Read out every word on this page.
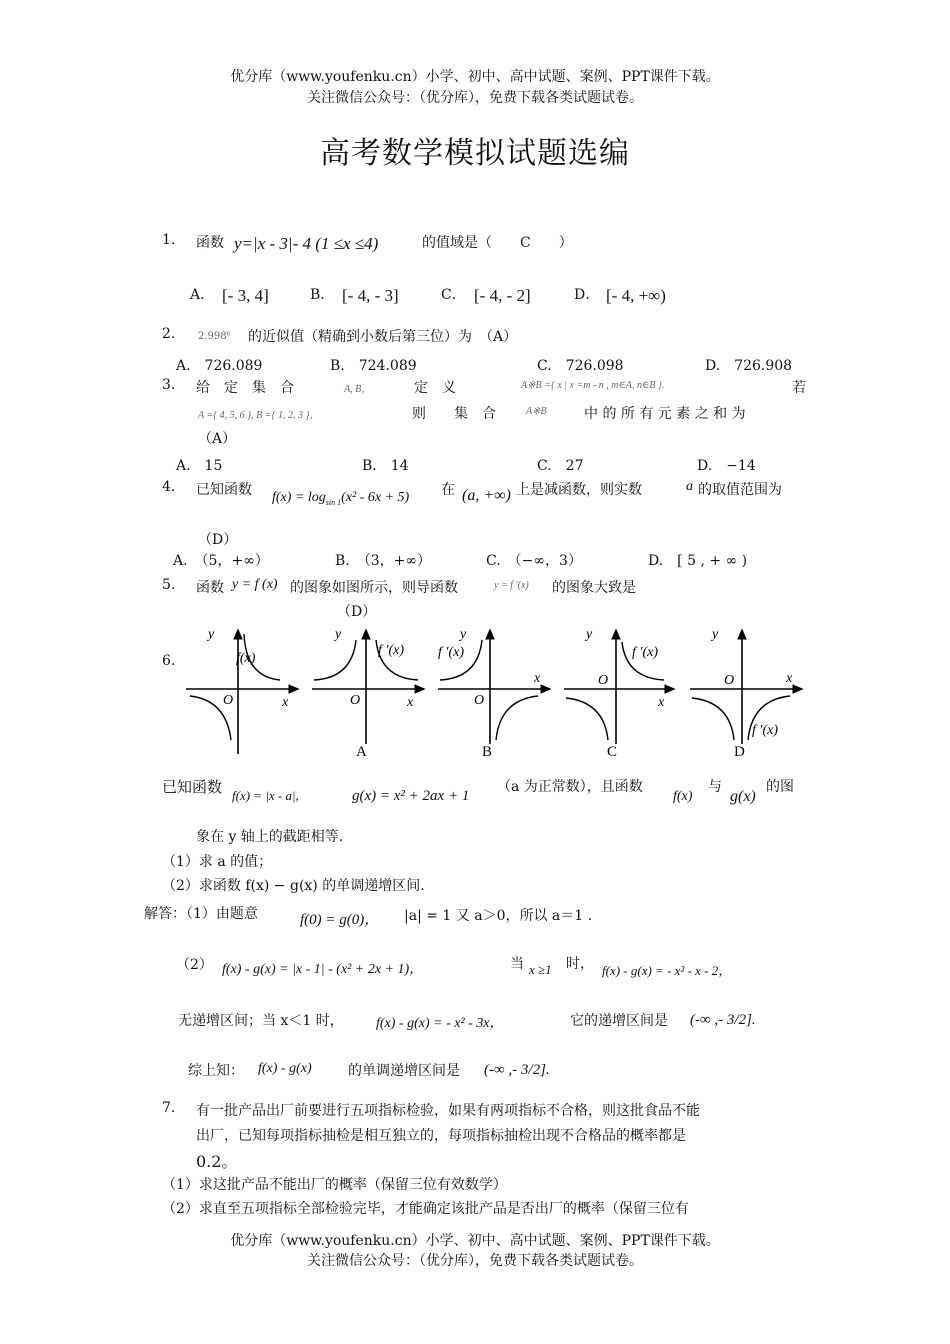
优分库（www.youfenku.cn）小学、初中、高中试题、案例、PPT课件下载。
关注微信公众号：（优分库），免费下载各类试题试卷。
高考数学模拟试题选编
1. 函数 y=|x - 3|- 4 (1 ≤x ≤4)	的值域是（　　C　　）
A． [- 3, 4]	B． [- 4, - 3]	C． [- 4, - 2]	D． [- 4, +∞)
2. 2.998⁶ 的近似值（精确到小数后第三位）为　（A）
A.　726.089	B.　724.089	C.　726.098	D.　726.908
3. 给　定　集　合	A, B，	定　义	A※B ={ x | x =m - n , m∈A, n∈B }.	若
A ={ 4, 5, 6 }, B ={ 1, 2, 3 }，	则　　集　合	A※B	中 的 所 有 元 素 之 和 为
（A）
A.　15	B.　14	C.　27	D.　−14
4. 已知函数 $f(x) = \log_{sin 1}(x^2 - 6x + 5)$ 在 (a, +∞) 上是减函数，则实数	a 的取值范围为
（D）
A.　（5，+∞）	B.　（3，+∞）	C.　（−∞，3）	D.　[ 5 , + ∞ )
5. 函数 y = f (x) 的图象如图所示，则导函数	y = f ′(x) 的图象大致是
（D）
6.
y
f(x)
O	x
y
f ′(x)
O	x
A
y
f ′(x)
O
x
B
y
f ′(x)
O
x
C
y
O	x
f ′(x)
D
已知函数 f(x) = |x - a|,	g(x) = x² + 2ax + 1
（a 为正常数），且函数
f(x)
与
g(x)
的图
象在 y 轴上的截距相等.
（1）求 a 的值；
（2）求函数 f(x) − g(x) 的单调递增区间.
解答：（1）由题意	f(0) = g(0)， |a| = 1 又 a＞0，所以 a＝1 .
（2） f(x) - g(x) = |x - 1| - (x² + 2x + 1)，	当 x ≥1 时， f(x) - g(x) = - x² - x - 2，
无递增区间；当 x＜1 时， f(x) - g(x) = - x² - 3x，	它的递增区间是 (-∞ ,- 3/2].
综上知： f(x) - g(x)	的单调递增区间是 (-∞ ,- 3/2].
7. 有一批产品出厂前要进行五项指标检验，如果有两项指标不合格，则这批食品不能
出厂，已知每项指标抽检是相互独立的，每项指标抽检出现不合格品的概率都是
0.2。
（1）求这批产品不能出厂的概率（保留三位有效数学）
（2）求直至五项指标全部检验完毕，才能确定该批产品是否出厂的概率（保留三位有
优分库（www.youfenku.cn）小学、初中、高中试题、案例、PPT课件下载。
关注微信公众号：（优分库），免费下载各类试题试卷。
